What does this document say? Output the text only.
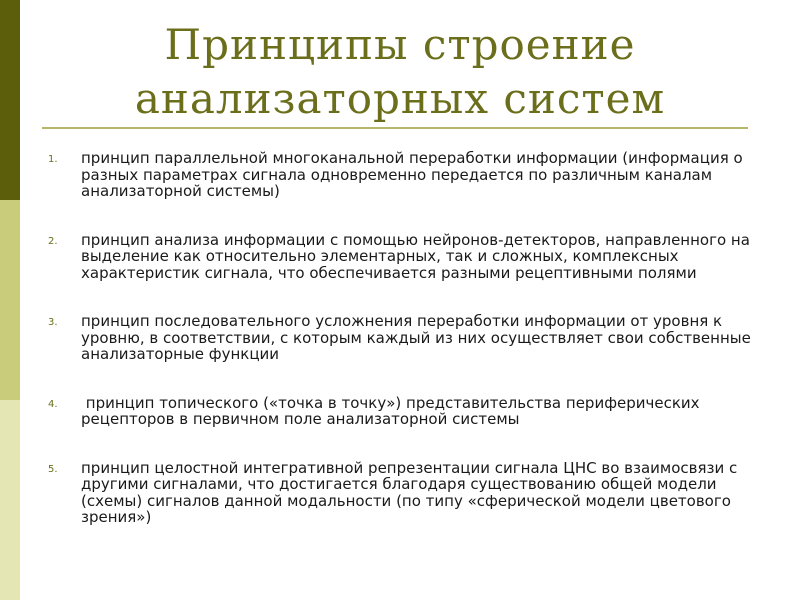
Принципы строение
анализаторных систем
1. принцип параллельной многоканальной переработки информации (информация о разных параметрах сигнала одновременно передается по различным каналам анализаторной системы)
2. принцип анализа информации с помощью нейронов-детекторов, направленного на выделение как относительно элементарных, так и сложных, комплексных характеристик сигнала, что обеспечивается разными рецептивными полями
3. принцип последовательного усложнения переработки информации от уровня к уровню, в соответствии, с которым каждый из них осуществляет свои собственные анализаторные функции
4. принцип топического («точка в точку») представительства периферических рецепторов в первичном поле анализаторной системы
5. принцип целостной интегративной репрезентации сигнала ЦНС во взаимосвязи с другими сигналами, что достигается благодаря существованию общей модели (схемы) сигналов данной модальности (по типу «сферической модели цветового зрения»)
